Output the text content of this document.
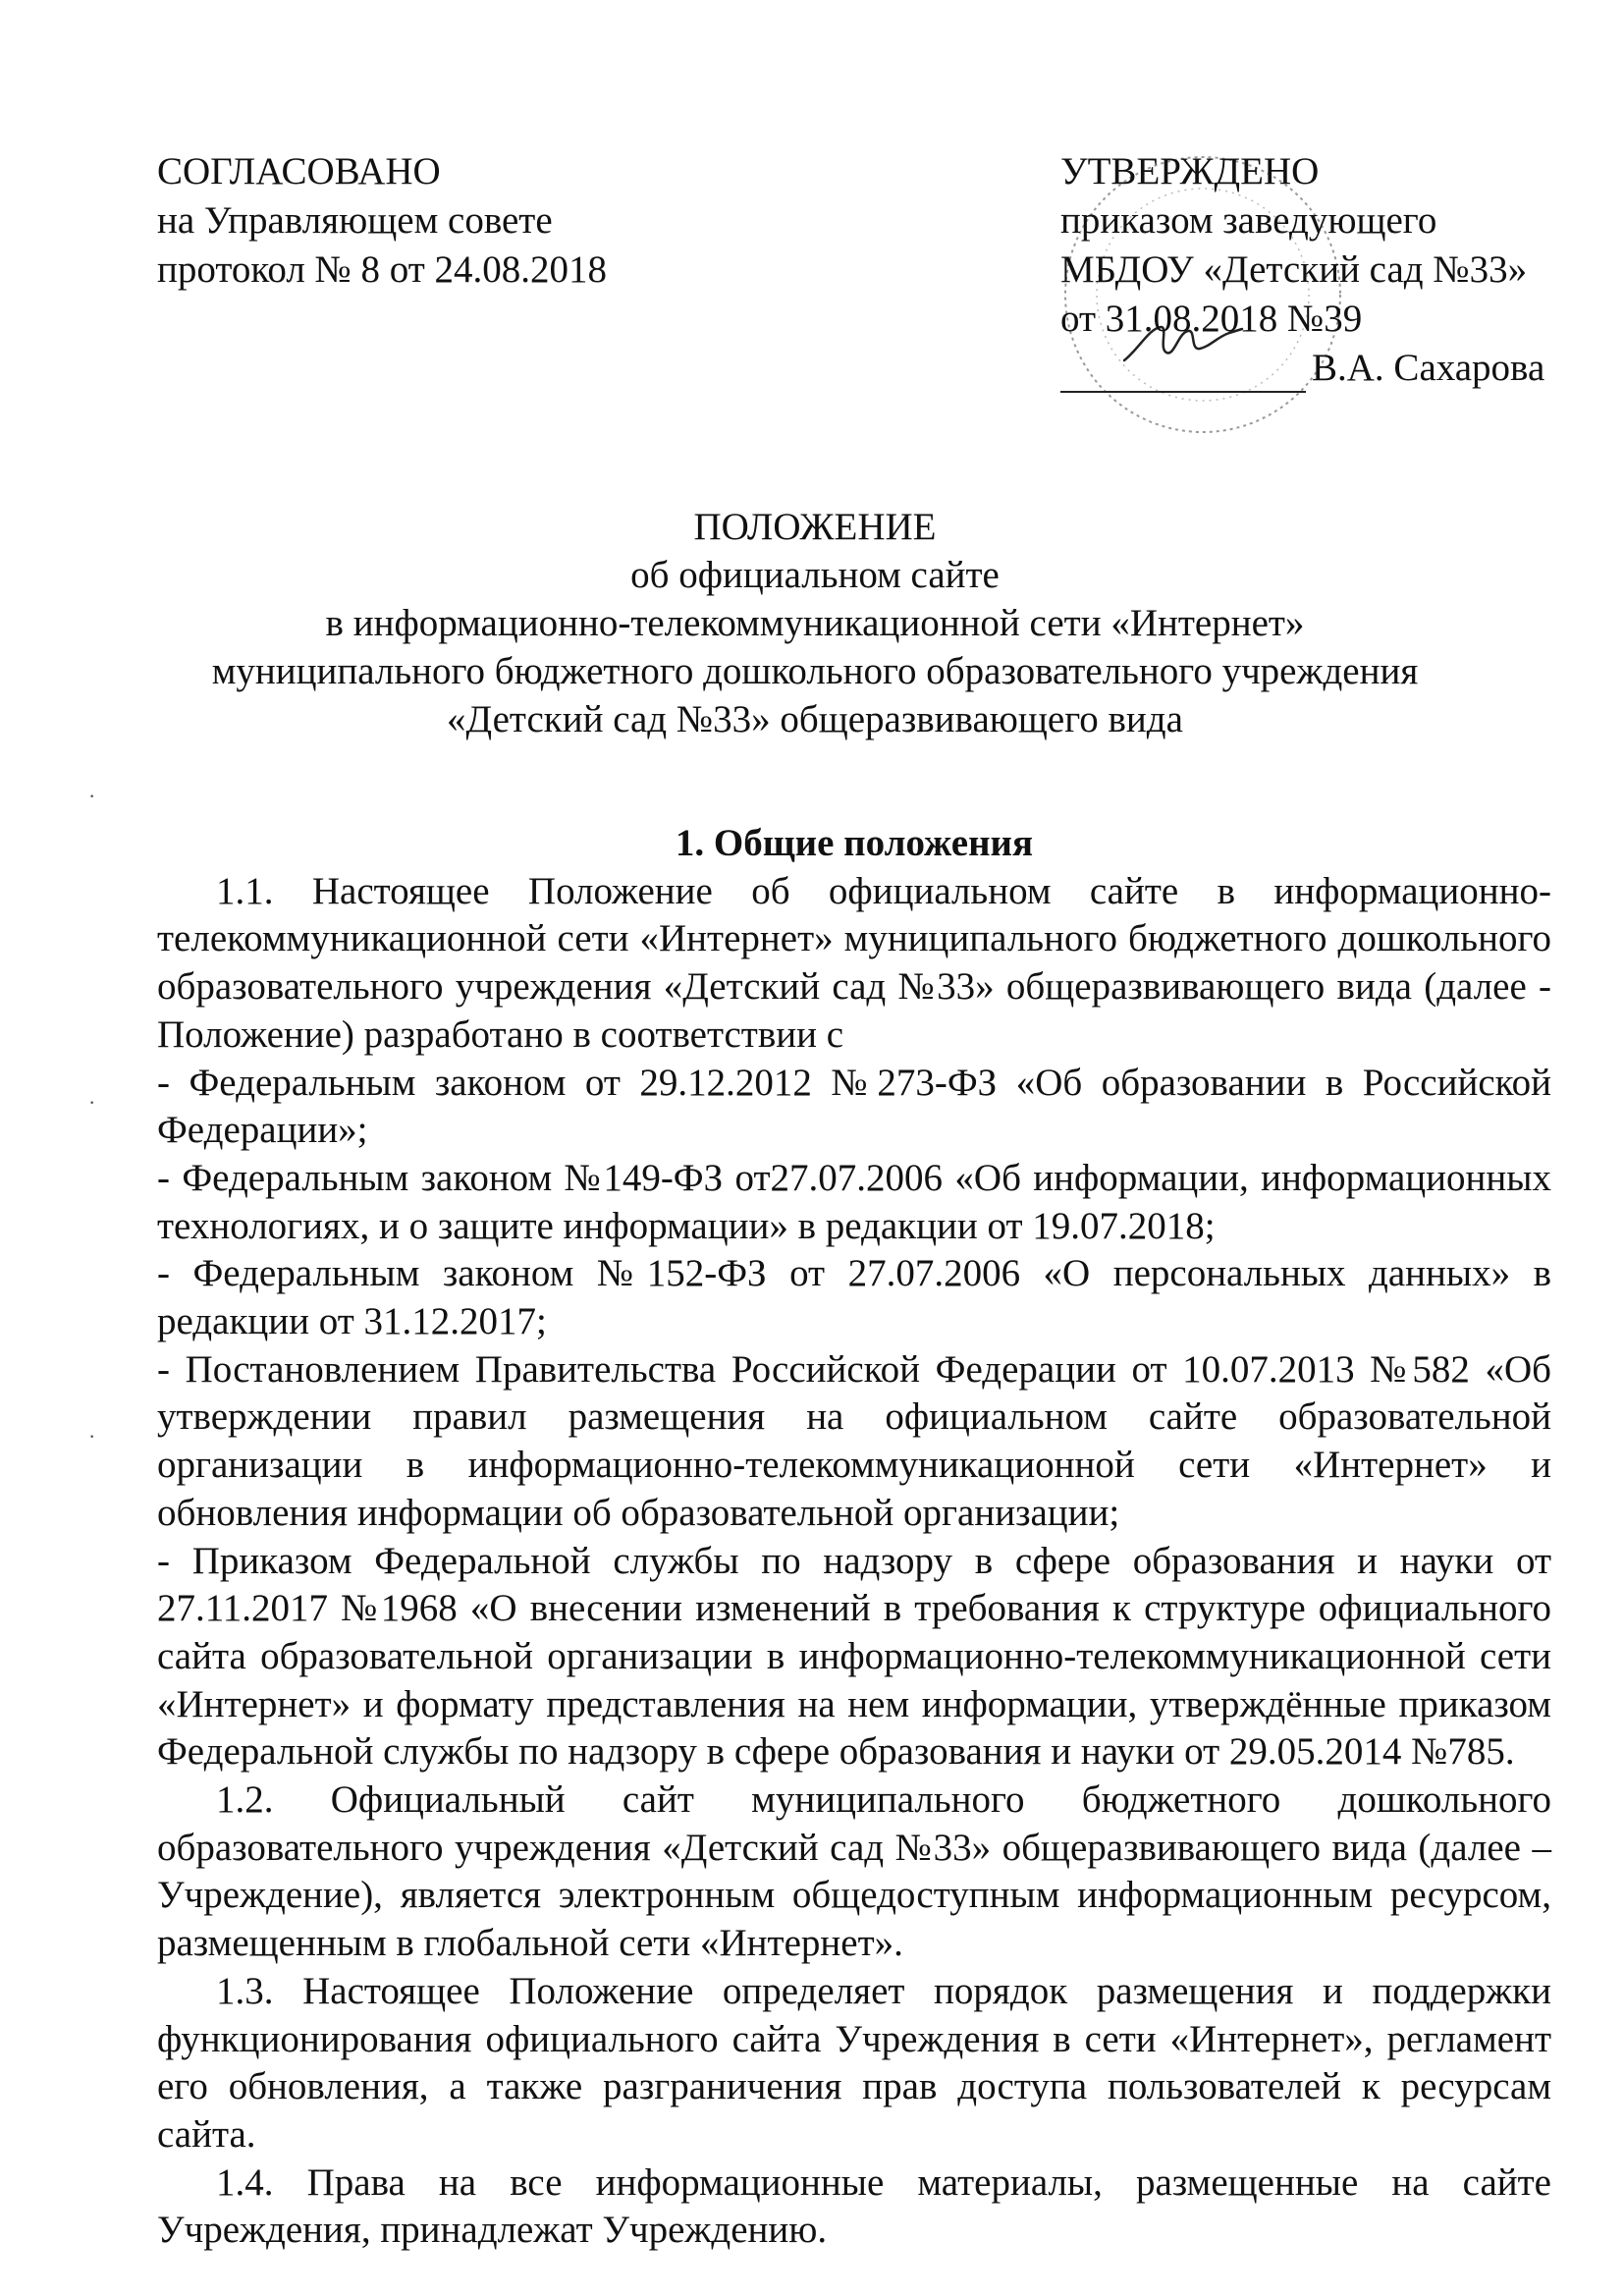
СОГЛАСОВАНО
на Управляющем совете
протокол № 8 от 24.08.2018
УТВЕРЖДЕНО
приказом заведующего
МБДОУ «Детский сад №33»
от 31.08.2018 №39
В.А. Сахарова
ПОЛОЖЕНИЕ
об официальном сайте
в информационно-телекоммуникационной сети «Интернет»
муниципального бюджетного дошкольного образовательного учреждения
«Детский сад №33» общеразвивающего вида
·
·
·

1. Общие положения

1.1. Настоящее Положение об официальном сайте в информационно-телекоммуникационной сети «Интернет» муниципального бюджетного дошкольного образовательного учреждения «Детский сад №33» общеразвивающего вида (далее - Положение) разработано в соответствии с

- Федеральным законом от 29.12.2012 №273-ФЗ «Об образовании в Российской Федерации»;

- Федеральным законом №149-ФЗ от27.07.2006 «Об информации, информационных технологиях, и о защите информации» в редакции от 19.07.2018;

- Федеральным законом №152-ФЗ от 27.07.2006 «О персональных данных» в редакции от 31.12.2017;

- Постановлением Правительства Российской Федерации от 10.07.2013 №582 «Об утверждении правил размещения на официальном сайте образовательной организации в информационно-телекоммуникационной сети «Интернет» и обновления информации об образовательной организации;

- Приказом Федеральной службы по надзору в сфере образования и науки от 27.11.2017 №1968 «О внесении изменений в требования к структуре официального сайта образовательной организации в информационно-телекоммуникационной сети «Интернет» и формату представления на нем информации, утверждённые приказом Федеральной службы по надзору в сфере образования и науки от 29.05.2014 №785.

1.2. Официальный сайт муниципального бюджетного дошкольного образовательного учреждения «Детский сад №33» общеразвивающего вида (далее – Учреждение), является электронным общедоступным информационным ресурсом, размещенным в глобальной сети «Интернет».

1.3. Настоящее Положение определяет порядок размещения и поддержки функционирования официального сайта Учреждения в сети «Интернет», регламент его обновления, а также разграничения прав доступа пользователей к ресурсам сайта.

1.4. Права на все информационные материалы, размещенные на сайте Учреждения, принадлежат Учреждению.
